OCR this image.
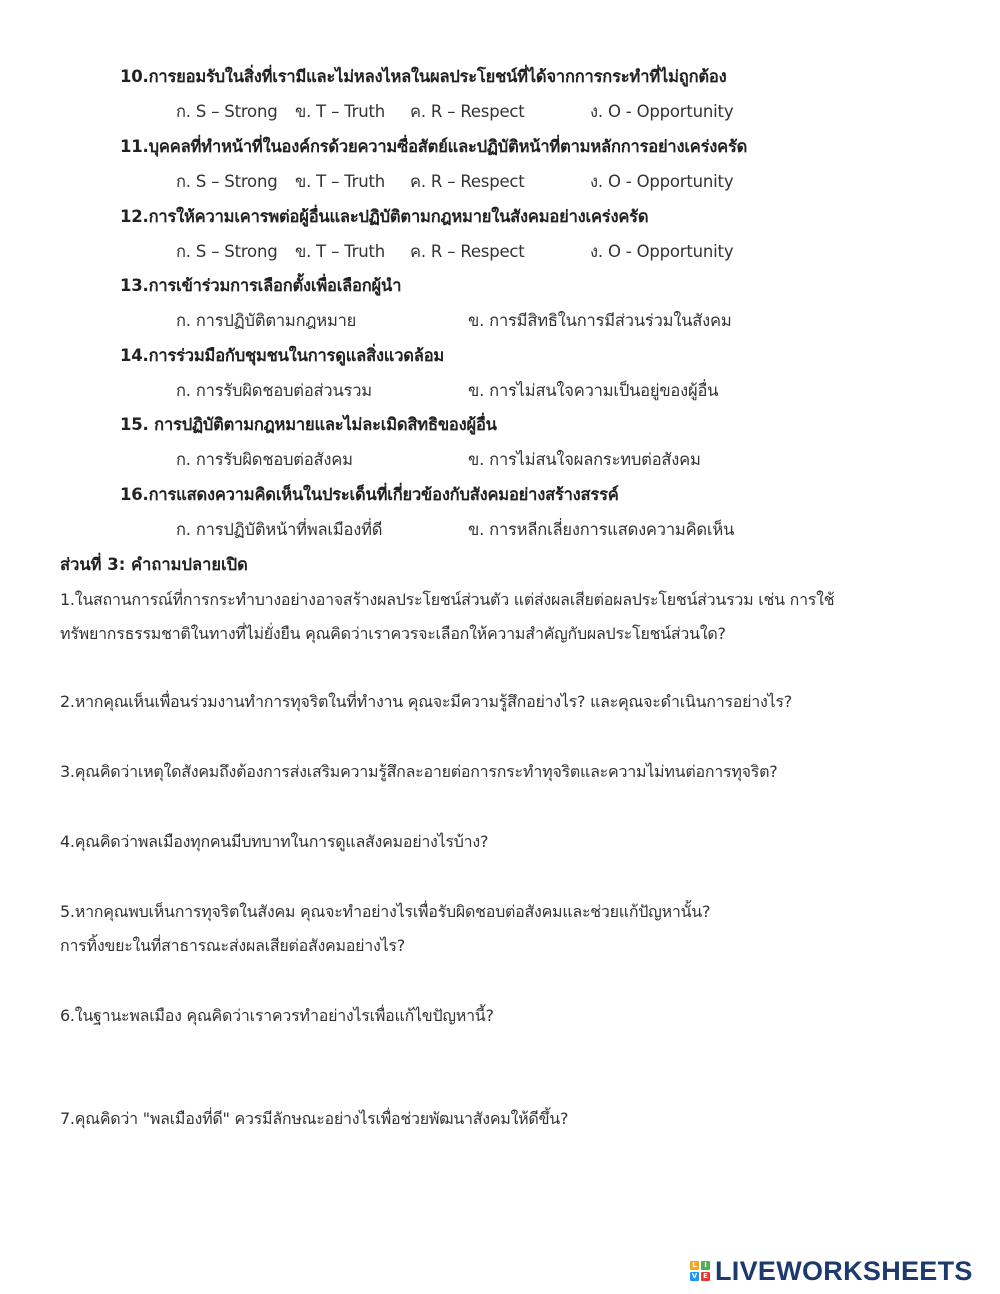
10.การยอมรับในสิ่งที่เรามีและไม่หลงไหลในผลประโยชน์ที่ได้จากการกระทำที่ไม่ถูกต้อง
ก. S – Strong ข. T – Truth ค. R – Respect	ง. O - Opportunity
11.บุคคลที่ทำหน้าที่ในองค์กรด้วยความซื่อสัตย์และปฏิบัติหน้าที่ตามหลักการอย่างเคร่งครัด
ก. S – Strong ข. T – Truth ค. R – Respect	ง. O - Opportunity
12.การให้ความเคารพต่อผู้อื่นและปฏิบัติตามกฎหมายในสังคมอย่างเคร่งครัด
ก. S – Strong ข. T – Truth ค. R – Respect	ง. O - Opportunity
13.การเข้าร่วมการเลือกตั้งเพื่อเลือกผู้นำ
ก. การปฏิบัติตามกฎหมาย	ข. การมีสิทธิในการมีส่วนร่วมในสังคม
14.การร่วมมือกับชุมชนในการดูแลสิ่งแวดล้อม
ก. การรับผิดชอบต่อส่วนรวม	ข. การไม่สนใจความเป็นอยู่ของผู้อื่น
15. การปฏิบัติตามกฎหมายและไม่ละเมิดสิทธิของผู้อื่น
ก. การรับผิดชอบต่อสังคม	ข. การไม่สนใจผลกระทบต่อสังคม
16.การแสดงความคิดเห็นในประเด็นที่เกี่ยวข้องกับสังคมอย่างสร้างสรรค์
ก. การปฏิบัติหน้าที่พลเมืองที่ดี	ข. การหลีกเลี่ยงการแสดงความคิดเห็น
ส่วนที่ 3: คำถามปลายเปิด
1.ในสถานการณ์ที่การกระทำบางอย่างอาจสร้างผลประโยชน์ส่วนตัว แต่ส่งผลเสียต่อผลประโยชน์ส่วนรวม เช่น การใช้
ทรัพยากรธรรมชาติในทางที่ไม่ยั่งยืน คุณคิดว่าเราควรจะเลือกให้ความสำคัญกับผลประโยชน์ส่วนใด?
2.หากคุณเห็นเพื่อนร่วมงานทำการทุจริตในที่ทำงาน คุณจะมีความรู้สึกอย่างไร? และคุณจะดำเนินการอย่างไร?
3.คุณคิดว่าเหตุใดสังคมถึงต้องการส่งเสริมความรู้สึกละอายต่อการกระทำทุจริตและความไม่ทนต่อการทุจริต?
4.คุณคิดว่าพลเมืองทุกคนมีบทบาทในการดูแลสังคมอย่างไรบ้าง?
5.หากคุณพบเห็นการทุจริตในสังคม คุณจะทำอย่างไรเพื่อรับผิดชอบต่อสังคมและช่วยแก้ปัญหานั้น?
การทิ้งขยะในที่สาธารณะส่งผลเสียต่อสังคมอย่างไร?
6.ในฐานะพลเมือง คุณคิดว่าเราควรทำอย่างไรเพื่อแก้ไขปัญหานี้?
7.คุณคิดว่า "พลเมืองที่ดี" ควรมีลักษณะอย่างไรเพื่อช่วยพัฒนาสังคมให้ดีขึ้น?
L	I
V E LIVEWORKSHEETS
